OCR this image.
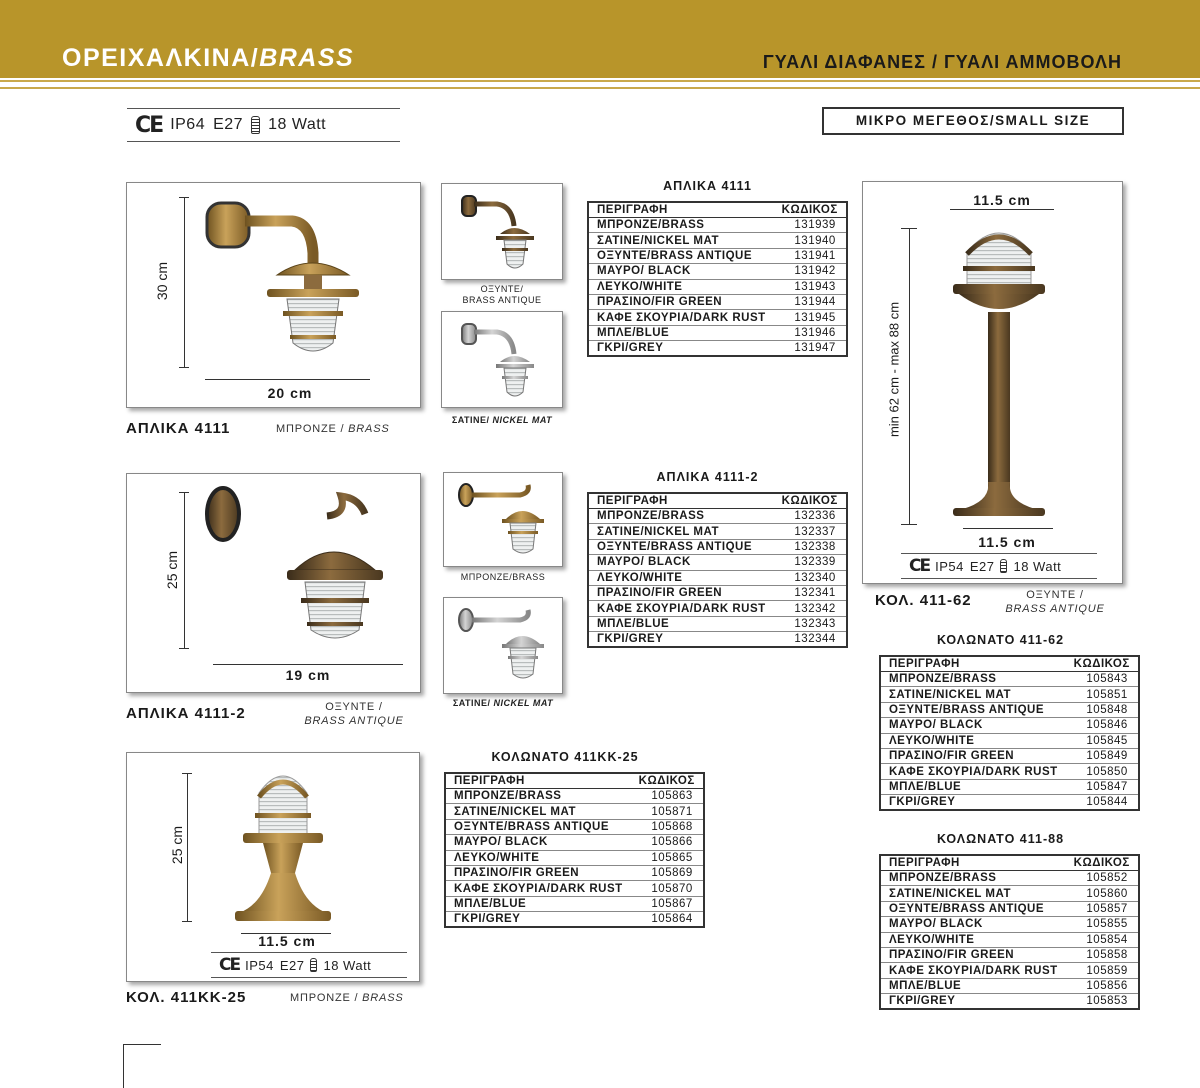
ΟΡΕΙΧΑΛΚΙΝΑ/BRASS	ΓΥΑΛΙ ΔΙΑΦΑΝΕΣ / ΓΥΑΛΙ ΑΜΜΟΒΟΛΗ
CE IP64 E27 18 Watt	ΜΙΚΡΟ ΜΕΓΕΘΟΣ/SMALL SIZE
30 cm
20 cm
ΑΠΛΙΚΑ 4111	ΜΠΡΟΝΖΕ / BRASS
ΟΞΥΝΤΕ/
BRASS ANTIQUE
ΣΑΤΙΝΕ/ NICKEL MAT
ΑΠΛΙΚΑ 4111
ΠΕΡΙΓΡΑΦΗ	ΚΩΔΙΚΟΣ
ΜΠΡΟΝΖΕ/BRASS	131939
ΣΑΤΙΝΕ/NICKEL MAT	131940
ΟΞΥΝΤΕ/BRASS ANTIQUE	131941
ΜΑΥΡΟ/ BLACK	131942
ΛΕΥΚΟ/WHITE	131943
ΠΡΑΣΙΝΟ/FIR GREEN	131944
ΚΑΦΕ ΣΚΟΥΡΙΑ/DARK RUST	131945
ΜΠΛΕ/BLUE	131946
ΓΚΡΙ/GREY	131947
25 cm
19 cm
ΑΠΛΙΚΑ 4111-2	ΟΞΥΝΤΕ /
BRASS ANTIQUE
ΜΠΡΟΝΖΕ/BRASS
ΣΑΤΙΝΕ/ NICKEL MAT
ΑΠΛΙΚΑ 4111-2
ΠΕΡΙΓΡΑΦΗ	ΚΩΔΙΚΟΣ
ΜΠΡΟΝΖΕ/BRASS	132336
ΣΑΤΙΝΕ/NICKEL MAT	132337
ΟΞΥΝΤΕ/BRASS ANTIQUE	132338
ΜΑΥΡΟ/ BLACK	132339
ΛΕΥΚΟ/WHITE	132340
ΠΡΑΣΙΝΟ/FIR GREEN	132341
ΚΑΦΕ ΣΚΟΥΡΙΑ/DARK RUST	132342
ΜΠΛΕ/BLUE	132343
ΓΚΡΙ/GREY	132344
25 cm
11.5 cm
CE IP54 E27 18 Watt
ΚΟΛ. 411KK-25	ΜΠΡΟΝΖΕ / BRASS
ΚΟΛΩΝΑΤΟ 411KK-25
ΠΕΡΙΓΡΑΦΗ	ΚΩΔΙΚΟΣ
ΜΠΡΟΝΖΕ/BRASS	105863
ΣΑΤΙΝΕ/NICKEL MAT	105871
ΟΞΥΝΤΕ/BRASS ANTIQUE	105868
ΜΑΥΡΟ/ BLACK	105866
ΛΕΥΚΟ/WHITE	105865
ΠΡΑΣΙΝΟ/FIR GREEN	105869
ΚΑΦΕ ΣΚΟΥΡΙΑ/DARK RUST	105870
ΜΠΛΕ/BLUE	105867
ΓΚΡΙ/GREY	105864
11.5 cm
min 62 cm - max 88 cm
11.5 cm
CE IP54 E27 18 Watt
ΚΟΛ. 411-62	ΟΞΥΝΤΕ /
BRASS ANTIQUE
ΚΟΛΩΝΑΤΟ 411-62
ΠΕΡΙΓΡΑΦΗ	ΚΩΔΙΚΟΣ
ΜΠΡΟΝΖΕ/BRASS	105843
ΣΑΤΙΝΕ/NICKEL MAT	105851
ΟΞΥΝΤΕ/BRASS ANTIQUE	105848
ΜΑΥΡΟ/ BLACK	105846
ΛΕΥΚΟ/WHITE	105845
ΠΡΑΣΙΝΟ/FIR GREEN	105849
ΚΑΦΕ ΣΚΟΥΡΙΑ/DARK RUST	105850
ΜΠΛΕ/BLUE	105847
ΓΚΡΙ/GREY	105844
ΚΟΛΩΝΑΤΟ 411-88
ΠΕΡΙΓΡΑΦΗ	ΚΩΔΙΚΟΣ
ΜΠΡΟΝΖΕ/BRASS	105852
ΣΑΤΙΝΕ/NICKEL MAT	105860
ΟΞΥΝΤΕ/BRASS ANTIQUE	105857
ΜΑΥΡΟ/ BLACK	105855
ΛΕΥΚΟ/WHITE	105854
ΠΡΑΣΙΝΟ/FIR GREEN	105858
ΚΑΦΕ ΣΚΟΥΡΙΑ/DARK RUST	105859
ΜΠΛΕ/BLUE	105856
ΓΚΡΙ/GREY	105853
